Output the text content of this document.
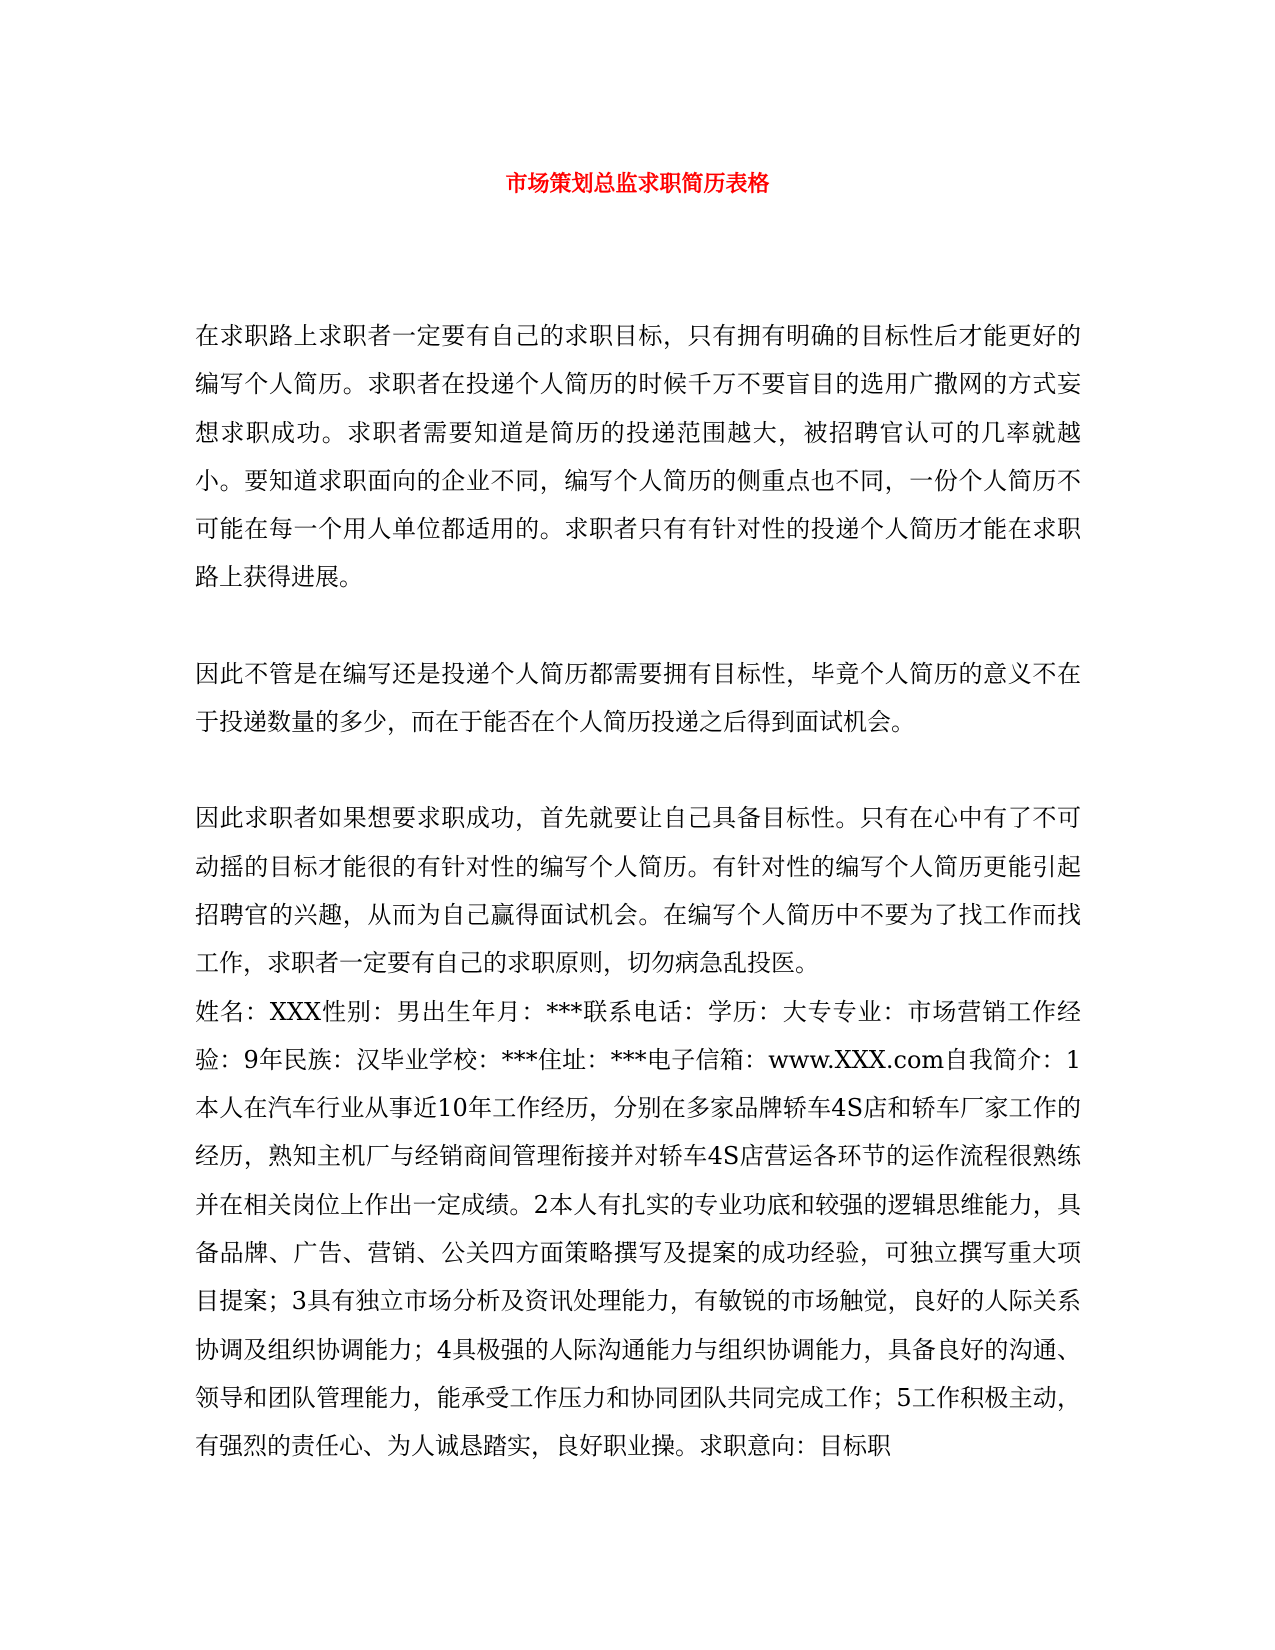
市场策划总监求职简历表格

在求职路上求职者一定要有自己的求职目标，只有拥有明确的目标性后才能更好的编写个人简历。求职者在投递个人简历的时候千万不要盲目的选用广撒网的方式妄想求职成功。求职者需要知道是简历的投递范围越大，被招聘官认可的几率就越小。要知道求职面向的企业不同，编写个人简历的侧重点也不同，一份个人简历不可能在每一个用人单位都适用的。求职者只有有针对性的投递个人简历才能在求职路上获得进展。

因此不管是在编写还是投递个人简历都需要拥有目标性，毕竟个人简历的意义不在于投递数量的多少，而在于能否在个人简历投递之后得到面试机会。

因此求职者如果想要求职成功，首先就要让自己具备目标性。只有在心中有了不可动摇的目标才能很的有针对性的编写个人简历。有针对性的编写个人简历更能引起招聘官的兴趣，从而为自己赢得面试机会。在编写个人简历中不要为了找工作而找工作，求职者一定要有自己的求职原则，切勿病急乱投医。

姓名：XXX性别：男出生年月：***联系电话：学历：大专专业：市场营销工作经验：9年民族：汉毕业学校：***住址：***电子信箱：www.XXX.com自我简介：1本人在汽车行业从事近10年工作经历，分别在多家品牌轿车4S店和轿车厂家工作的经历，熟知主机厂与经销商间管理衔接并对轿车4S店营运各环节的运作流程很熟练并在相关岗位上作出一定成绩。2本人有扎实的专业功底和较强的逻辑思维能力，具备品牌、广告、营销、公关四方面策略撰写及提案的成功经验，可独立撰写重大项目提案；3具有独立市场分析及资讯处理能力，有敏锐的市场触觉，良好的人际关系协调及组织协调能力；4具极强的人际沟通能力与组织协调能力，具备良好的沟通、领导和团队管理能力，能承受工作压力和协同团队共同完成工作；5工作积极主动，有强烈的责任心、为人诚恳踏实，良好职业操。求职意向：目标职
